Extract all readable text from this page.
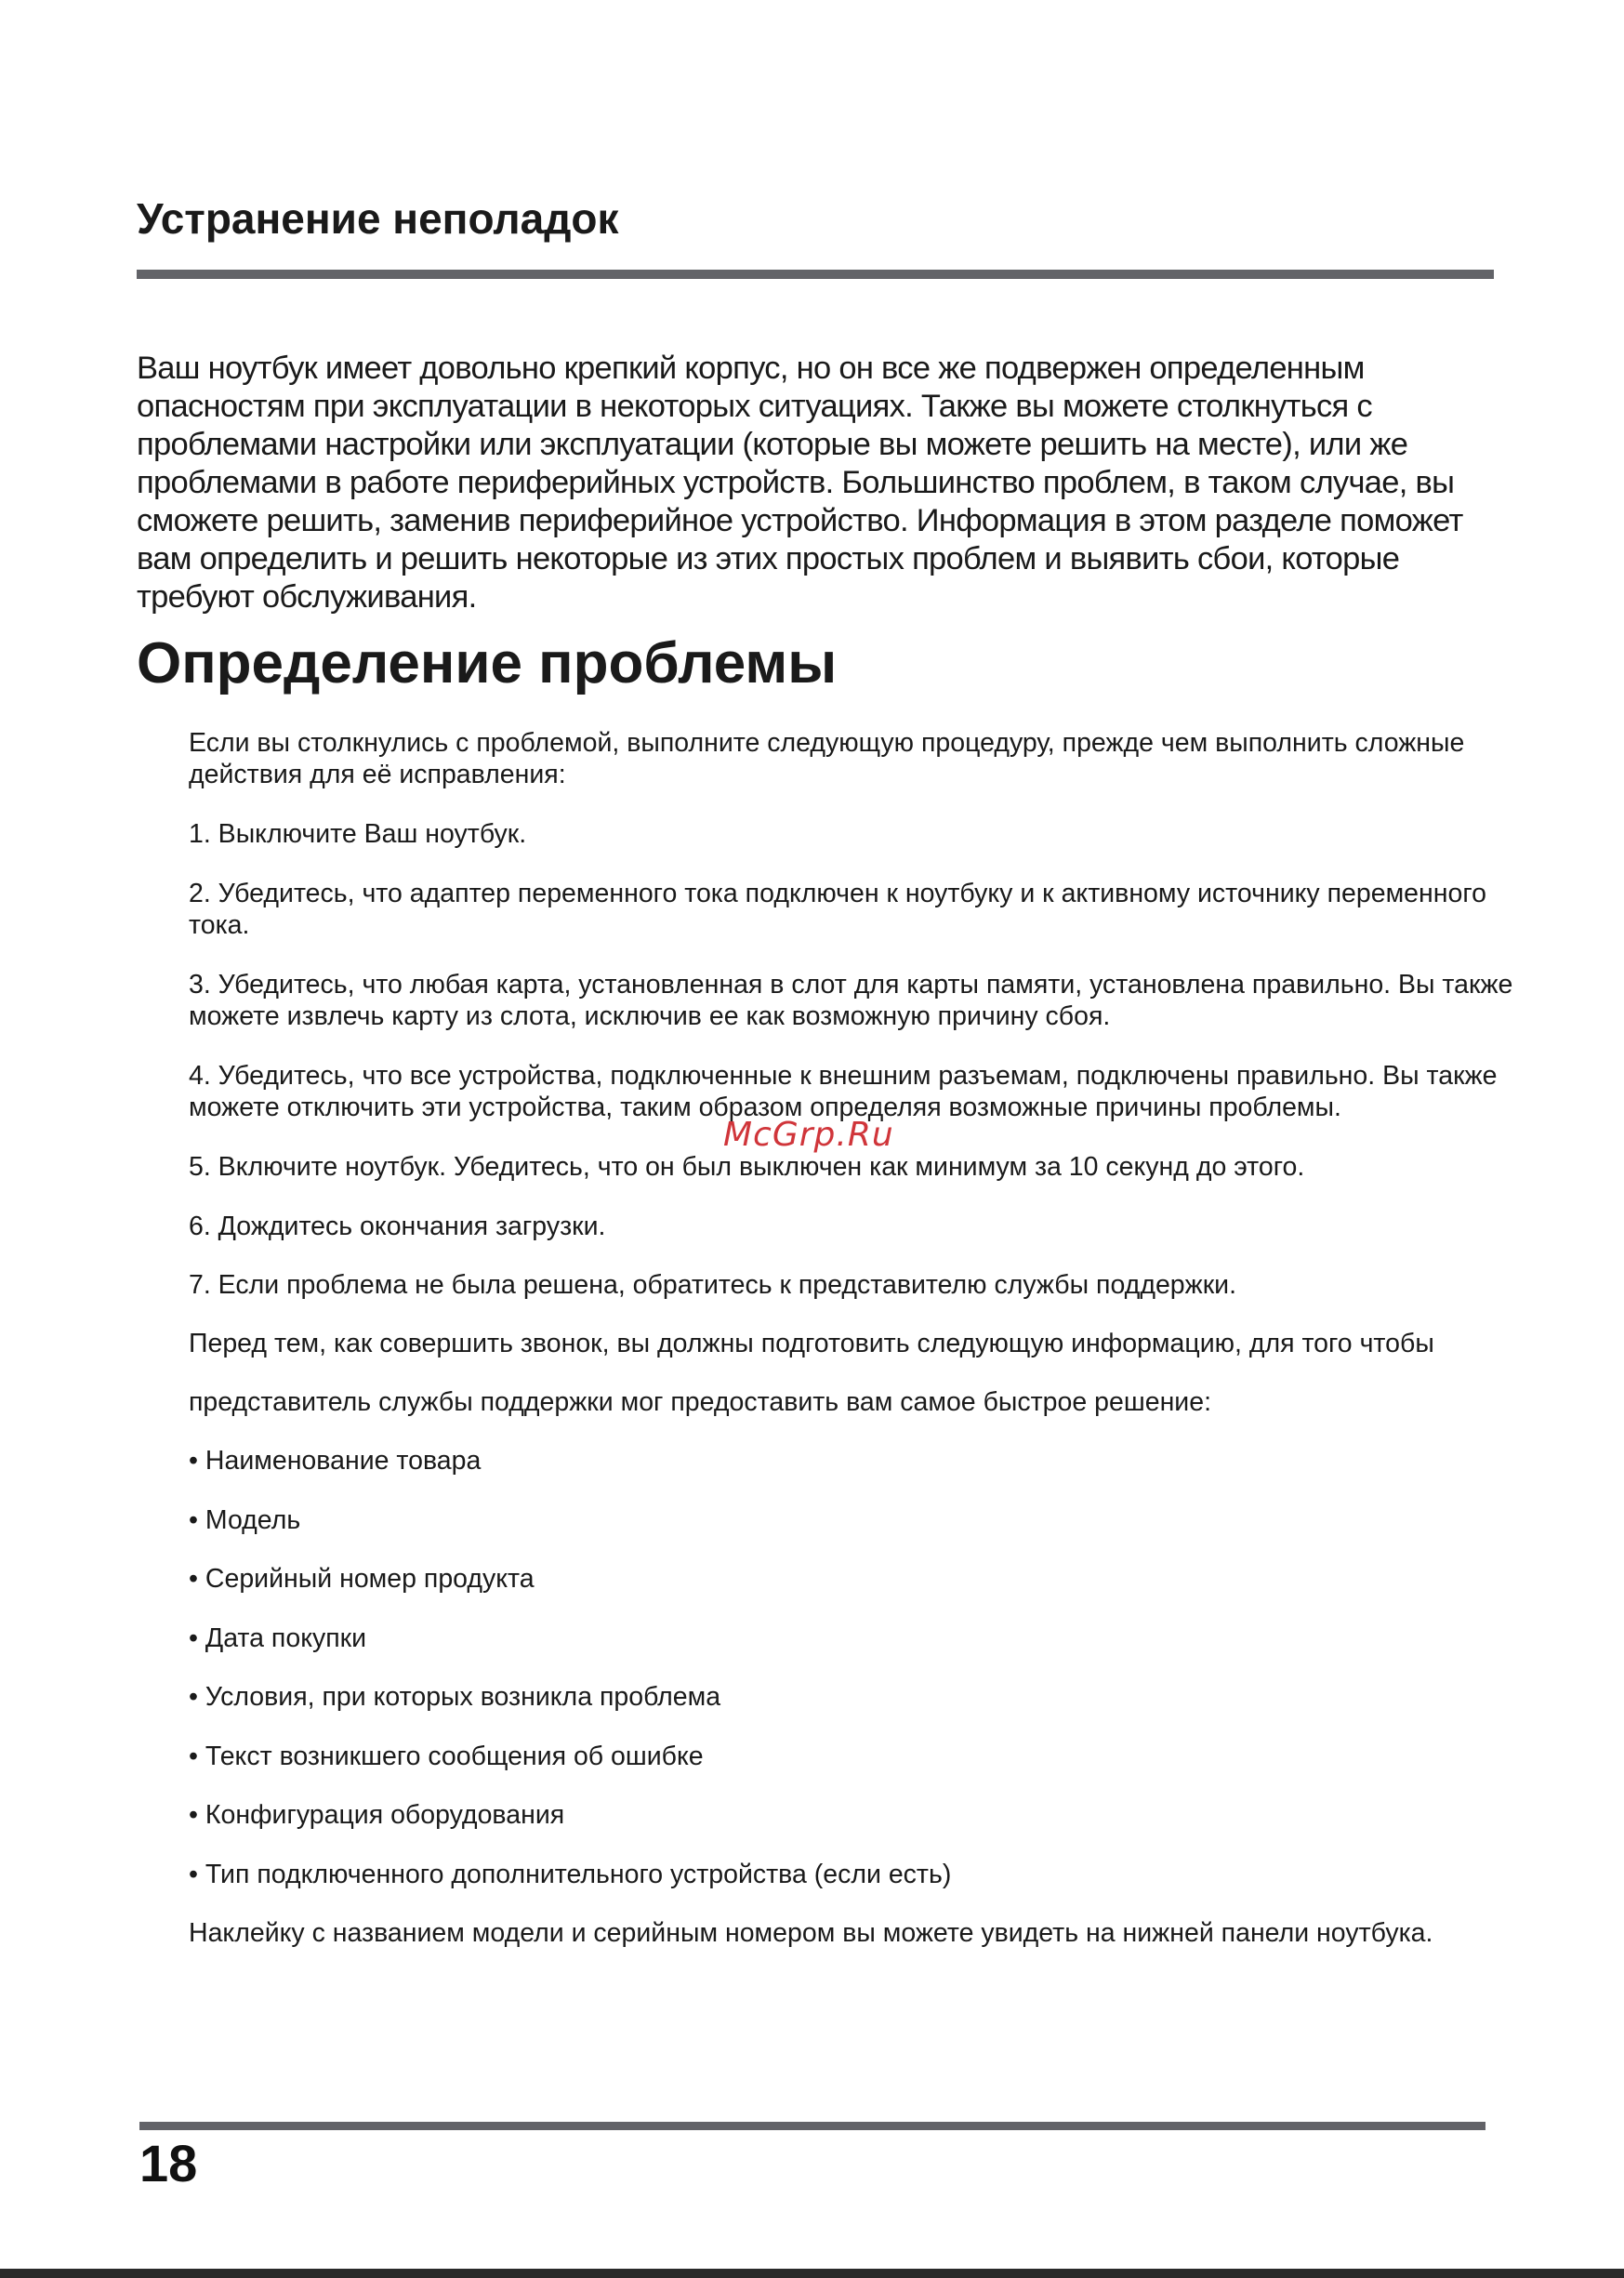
Устранение неполадок

Ваш ноутбук имеет довольно крепкий корпус, но он все же подвержен определенным опасностям при эксплуатации в некоторых ситуациях. Также вы можете столкнуться с проблемами настройки или эксплуатации (которые вы можете решить на месте), или же проблемами в работе периферийных устройств. Большинство проблем, в таком случае, вы сможете решить, заменив периферийное устройство. Информация в этом разделе поможет вам определить и решить некоторые из этих простых проблем и выявить сбои, которые требуют обслуживания.

Определение проблемы

Если вы столкнулись с проблемой, выполните следующую процедуру, прежде чем выполнить сложные действия для её исправления:

1. Выключите Ваш ноутбук.

2. Убедитесь, что адаптер переменного тока подключен к ноутбуку и к активному источнику переменного тока.

3. Убедитесь, что любая карта, установленная в слот для карты памяти, установлена правильно. Вы также можете извлечь карту из слота, исключив ее как возможную причину сбоя.

4. Убедитесь, что все устройства, подключенные к внешним разъемам, подключены правильно. Вы также можете отключить эти устройства, таким образом определяя возможные причины проблемы.

5. Включите ноутбук. Убедитесь, что он был выключен как минимум за 10 секунд до этого.

6. Дождитесь окончания загрузки.

7. Если проблема не была решена, обратитесь к представителю службы поддержки.

Перед тем, как совершить звонок, вы должны подготовить следующую информацию, для того чтобы

представитель службы поддержки мог предоставить вам самое быстрое решение:

• Наименование товара

• Модель

• Серийный номер продукта

• Дата покупки

• Условия, при которых возникла проблема

• Текст возникшего сообщения об ошибке

• Конфигурация оборудования

• Тип подключенного дополнительного устройства (если есть)

Наклейку с названием модели и серийным номером вы можете увидеть на нижней панели ноутбука.

McGrp.Ru

18
